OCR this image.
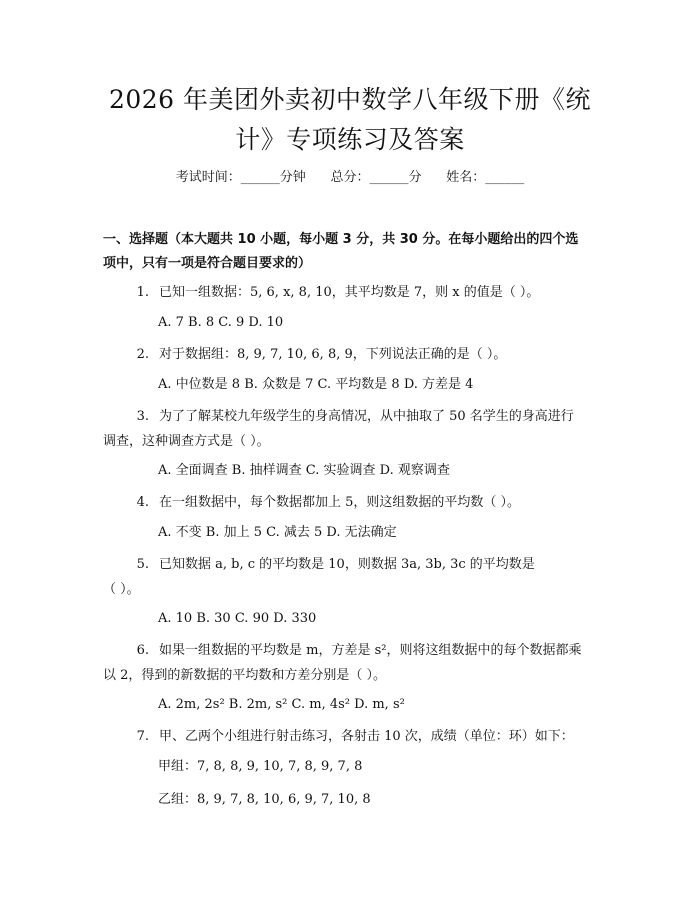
2026 年美团外卖初中数学八年级下册《统
计》专项练习及答案
考试时间：______分钟      总分：______分      姓名：______
一、选择题（本大题共 10 小题，每小题 3 分，共 30 分。在每小题给出的四个选
项中，只有一项是符合题目要求的）
1. 已知一组数据：5, 6, x, 8, 10，其平均数是 7，则 x 的值是（ ）。
A. 7 B. 8 C. 9 D. 10
2. 对于数据组：8, 9, 7, 10, 6, 8, 9，下列说法正确的是（ ）。
A. 中位数是 8 B. 众数是 7 C. 平均数是 8 D. 方差是 4
3. 为了了解某校九年级学生的身高情况，从中抽取了 50 名学生的身高进行
调查，这种调查方式是（ ）。
A. 全面调查 B. 抽样调查 C. 实验调查 D. 观察调查
4. 在一组数据中，每个数据都加上 5，则这组数据的平均数（ ）。
A. 不变 B. 加上 5 C. 减去 5 D. 无法确定
5. 已知数据 a, b, c 的平均数是 10，则数据 3a, 3b, 3c 的平均数是
（ ）。
A. 10 B. 30 C. 90 D. 330
6. 如果一组数据的平均数是 m，方差是 s²，则将这组数据中的每个数据都乘
以 2，得到的新数据的平均数和方差分别是（ ）。
A. 2m, 2s² B. 2m, s² C. m, 4s² D. m, s²
7. 甲、乙两个小组进行射击练习，各射击 10 次，成绩（单位：环）如下：
甲组：7, 8, 8, 9, 10, 7, 8, 9, 7, 8
乙组：8, 9, 7, 8, 10, 6, 9, 7, 10, 8
